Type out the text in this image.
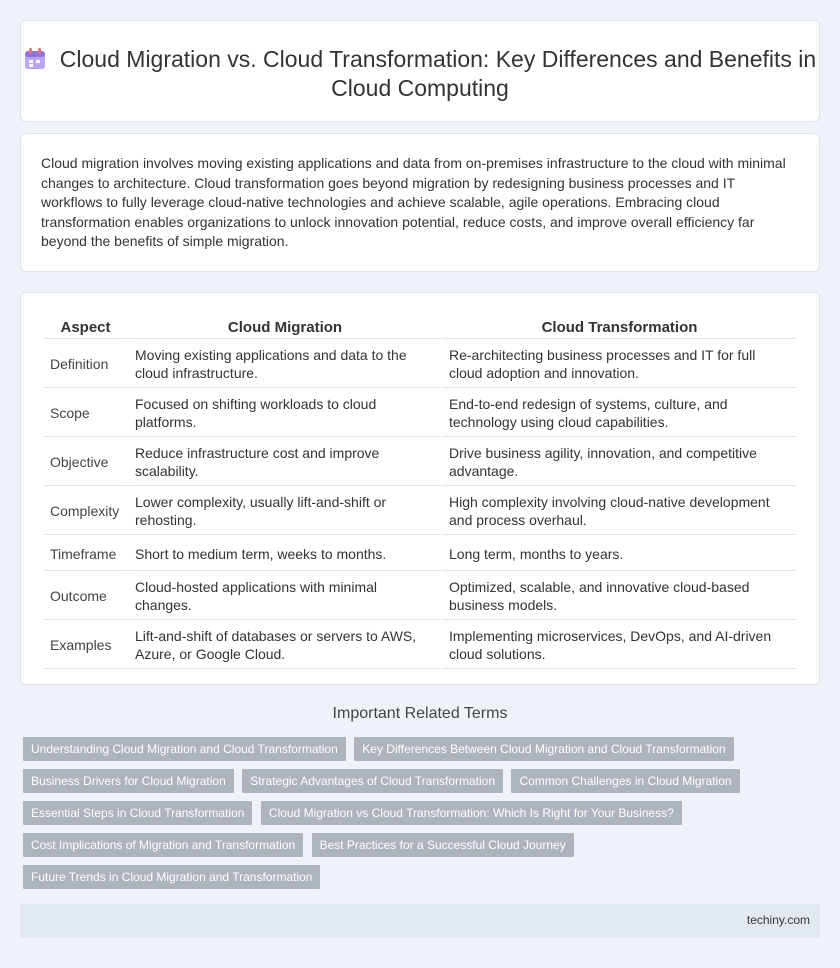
Cloud Migration vs. Cloud Transformation: Key Differences and Benefits in Cloud Computing

Cloud migration involves moving existing applications and data from on-premises infrastructure to the cloud with minimal changes to architecture. Cloud transformation goes beyond migration by redesigning business processes and IT workflows to fully leverage cloud-native technologies and achieve scalable, agile operations. Embracing cloud transformation enables organizations to unlock innovation potential, reduce costs, and improve overall efficiency far beyond the benefits of simple migration.

Aspect	Cloud Migration	Cloud Transformation
Definition	Moving existing applications and data to the cloud infrastructure.	Re-architecting business processes and IT for full cloud adoption and innovation.
Scope	Focused on shifting workloads to cloud platforms.	End-to-end redesign of systems, culture, and technology using cloud capabilities.
Objective	Reduce infrastructure cost and improve scalability.	Drive business agility, innovation, and competitive advantage.
Complexity	Lower complexity, usually lift-and-shift or rehosting.	High complexity involving cloud-native development and process overhaul.
Timeframe	Short to medium term, weeks to months.	Long term, months to years.
Outcome	Cloud-hosted applications with minimal changes.	Optimized, scalable, and innovative cloud-based business models.
Examples	Lift-and-shift of databases or servers to AWS, Azure, or Google Cloud.	Implementing microservices, DevOps, and AI-driven cloud solutions.
Important Related Terms
Understanding Cloud Migration and Cloud Transformation Key Differences Between Cloud Migration and Cloud Transformation Business Drivers for Cloud Migration Strategic Advantages of Cloud Transformation Common Challenges in Cloud Migration Essential Steps in Cloud Transformation Cloud Migration vs Cloud Transformation: Which Is Right for Your Business? Cost Implications of Migration and Transformation Best Practices for a Successful Cloud Journey Future Trends in Cloud Migration and Transformation
techiny.com
